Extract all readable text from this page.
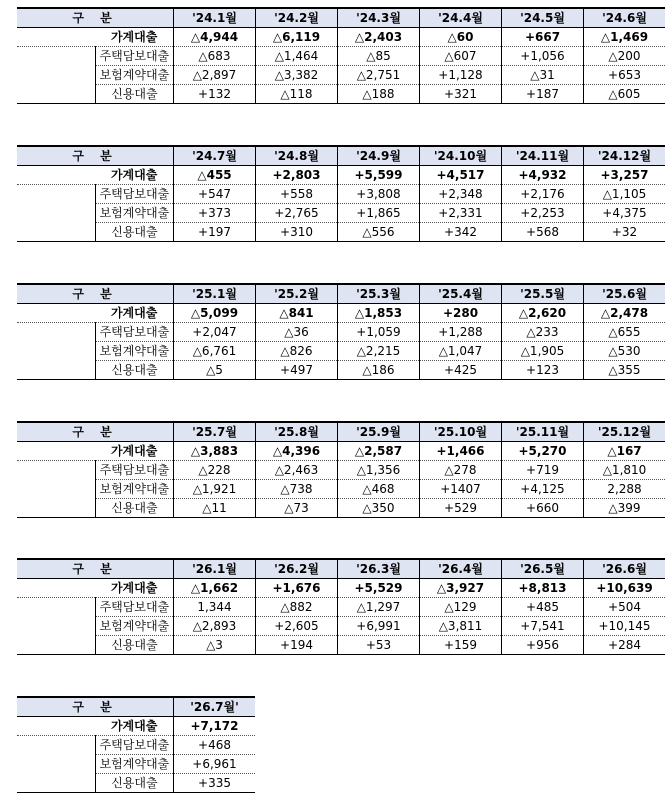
구 분		'24.1월	'24.2월	'24.3월	'24.4월	'24.5월	'24.6월
	가계대출	△4,944	△6,119	△2,403	△60	+667	△1,469
	주택담보대출	△683	△1,464	△85	△607	+1,056	△200
	보험계약대출	△2,897	△3,382	△2,751	+1,128	△31	+653
	신용대출	+132	△118	△188	+321	+187	△605
구 분		'24.7월	'24.8월	'24.9월	'24.10월	'24.11월	'24.12월
	가계대출	△455	+2,803	+5,599	+4,517	+4,932	+3,257
	주택담보대출	+547	+558	+3,808	+2,348	+2,176	△1,105
	보험계약대출	+373	+2,765	+1,865	+2,331	+2,253	+4,375
	신용대출	+197	+310	△556	+342	+568	+32
구 분		'25.1월	'25.2월	'25.3월	'25.4월	'25.5월	'25.6월
	가계대출	△5,099	△841	△1,853	+280	△2,620	△2,478
	주택담보대출	+2,047	△36	+1,059	+1,288	△233	△655
	보험계약대출	△6,761	△826	△2,215	△1,047	△1,905	△530
	신용대출	△5	+497	△186	+425	+123	△355
구 분		'25.7월	'25.8월	'25.9월	'25.10월	'25.11월	'25.12월
	가계대출	△3,883	△4,396	△2,587	+1,466	+5,270	△167
	주택담보대출	△228	△2,463	△1,356	△278	+719	△1,810
	보험계약대출	△1,921	△738	△468	+1407	+4,125	2,288
	신용대출	△11	△73	△350	+529	+660	△399
구 분		'26.1월	'26.2월	'26.3월	'26.4월	'26.5월	'26.6월
	가계대출	△1,662	+1,676	+5,529	△3,927	+8,813	+10,639
	주택담보대출	1,344	△882	△1,297	△129	+485	+504
	보험계약대출	△2,893	+2,605	+6,991	△3,811	+7,541	+10,145
	신용대출	△3	+194	+53	+159	+956	+284
구 분		'26.7월'
	가계대출	+7,172
	주택담보대출	+468
	보험계약대출	+6,961
	신용대출	+335
